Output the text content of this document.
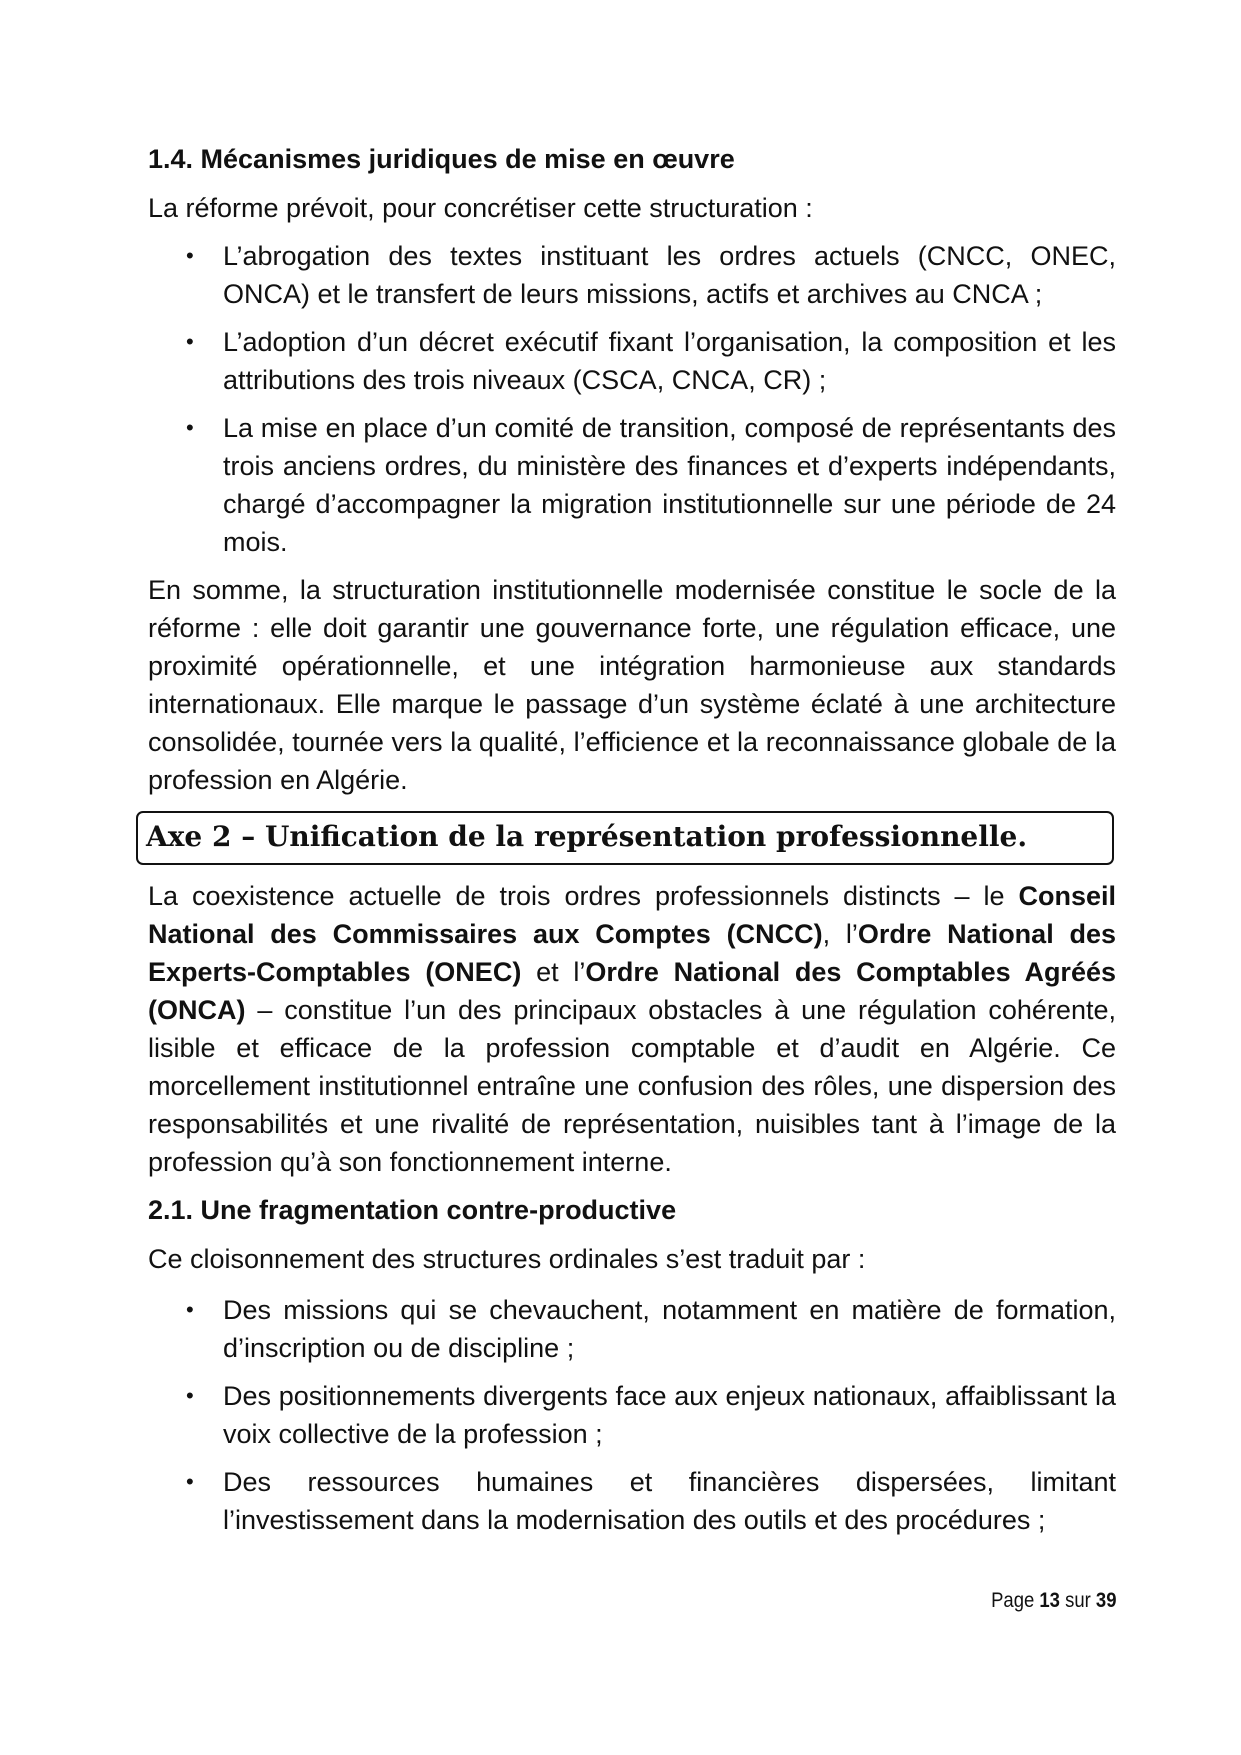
1.4. Mécanismes juridiques de mise en œuvre

La réforme prévoit, pour concrétiser cette structuration :

• L’abrogation des textes instituant les ordres actuels (CNCC, ONEC, ONCA) et le transfert de leurs missions, actifs et archives au CNCA ;
• L’adoption d’un décret exécutif fixant l’organisation, la composition et les attributions des trois niveaux (CSCA, CNCA, CR) ;
• La mise en place d’un comité de transition, composé de représentants des trois anciens ordres, du ministère des finances et d’experts indépendants, chargé d’accompagner la migration institutionnelle sur une période de 24 mois.

En somme, la structuration institutionnelle modernisée constitue le socle de la réforme : elle doit garantir une gouvernance forte, une régulation efficace, une proximité opérationnelle, et une intégration harmonieuse aux standards internationaux. Elle marque le passage d’un système éclaté à une architecture consolidée, tournée vers la qualité, l’efficience et la reconnaissance globale de la profession en Algérie.

Axe 2 – Unification de la représentation professionnelle.

La coexistence actuelle de trois ordres professionnels distincts – le Conseil National des Commissaires aux Comptes (CNCC), l’Ordre National des Experts-Comptables (ONEC) et l’Ordre National des Comptables Agréés (ONCA) – constitue l’un des principaux obstacles à une régulation cohérente, lisible et efficace de la profession comptable et d’audit en Algérie. Ce morcellement institutionnel entraîne une confusion des rôles, une dispersion des responsabilités et une rivalité de représentation, nuisibles tant à l’image de la profession qu’à son fonctionnement interne.

2.1. Une fragmentation contre-productive

Ce cloisonnement des structures ordinales s’est traduit par :

• Des missions qui se chevauchent, notamment en matière de formation, d’inscription ou de discipline ;
• Des positionnements divergents face aux enjeux nationaux, affaiblissant la voix collective de la profession ;
• Des ressources humaines et financières dispersées, limitant l’investissement dans la modernisation des outils et des procédures ;
Page 13 sur 39
